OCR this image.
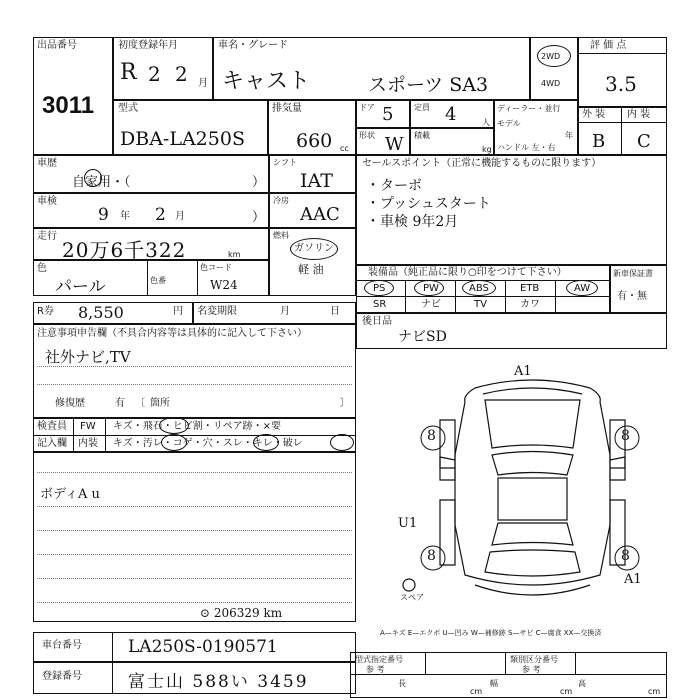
出品番号
3011
初度登録年月
R 2 2 月
車名・グレード
キャスト	スポーツ SA3
2WD
4WD
評 価 点
3.5
外 装 内 装
B C
型式
DBA-LA250S
排気量
660 cc
ドア 5	定員 4	人
形状 W 積載
kg
ディーラー・並行
モデル
年
ハンドル 左・右
車歴
自家用・（	）
シフト
IAT
車検
9 年 2 月	）
冷房
AAC
走行
20万6千322	km
燃料
ガソリン
軽 油
色
パール	色番
色コード
W24
R券 8,550	円 名変期限	月	日
注意事項申告欄（不具合内容等は具体的に記入して下さい）
社外ナビ,TV
修復歴	有 〔 箇所	〕
検査員
記入欄
FW キズ・飛石・ヒビ割・リペア跡・×要
内装 キズ・汚レ・コゲ・穴・スレ・キレ・破レ
ボディA u
⊙ 206329 km
セールスポイント（正常に機能するものに限ります）
・ターボ
・プッシュスタート
・車検 9年2月
装備品（純正品に限り○印をつけて下さい）
PS	PW	ABS	ETB	AW
SR	ナビ	TV	カワ
新車保証書
有・無
後日品
ナビSD
8	8
8	8
A1
U1
A1
スペア
A—キズ E—エクボ U—凹み W—補修跡 S—サビ C—腐食 XX—交換済
車台番号	LA250S-0190571
登録番号	富士山 588い 3459
型式指定番号
参 考
類別区分番号
参 考
長
cm
幅
cm
高
cm
